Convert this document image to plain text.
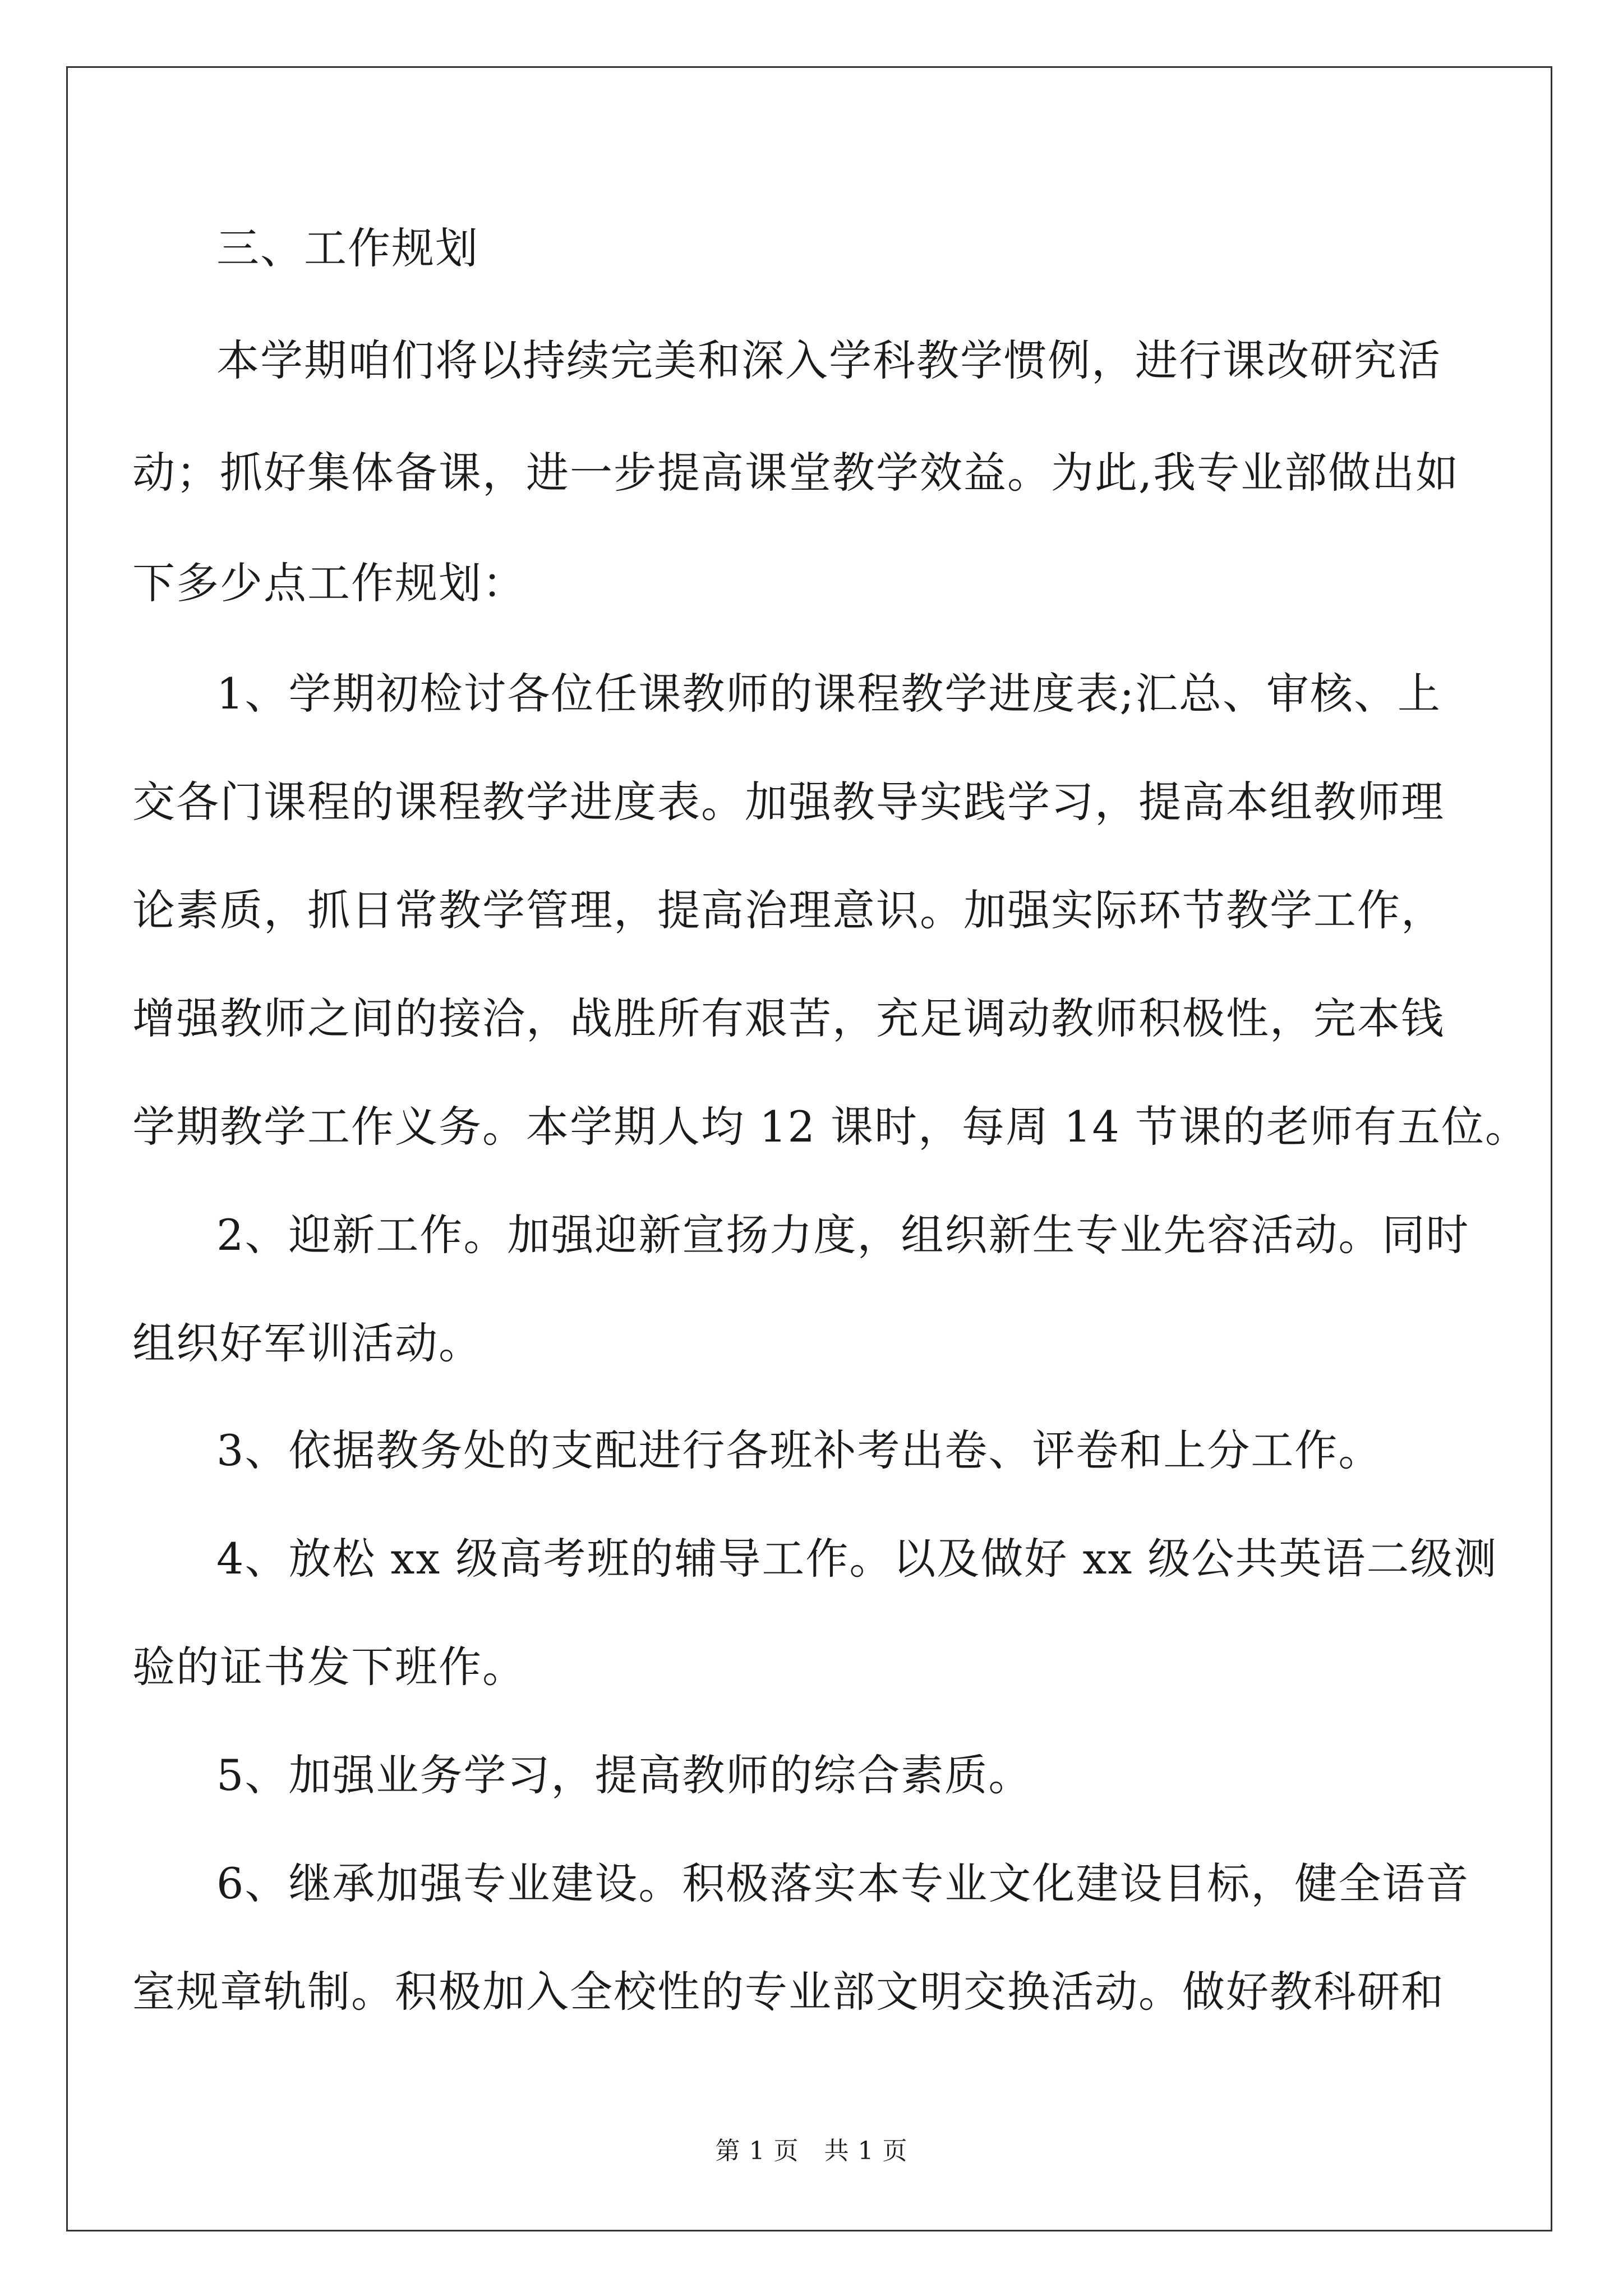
三、工作规划
本学期咱们将以持续完美和深入学科教学惯例，进行课改研究活
动；抓好集体备课，进一步提高课堂教学效益。为此,我专业部做出如
下多少点工作规划：
1、学期初检讨各位任课教师的课程教学进度表;汇总、审核、上
交各门课程的课程教学进度表。加强教导实践学习，提高本组教师理
论素质，抓日常教学管理，提高治理意识。加强实际环节教学工作，
增强教师之间的接洽，战胜所有艰苦，充足调动教师积极性，完本钱
学期教学工作义务。本学期人均 12 课时，每周 14 节课的老师有五位。
2、迎新工作。加强迎新宣扬力度，组织新生专业先容活动。同时
组织好军训活动。
3、依据教务处的支配进行各班补考出卷、评卷和上分工作。
4、放松 xx 级高考班的辅导工作。以及做好 xx 级公共英语二级测
验的证书发下班作。
5、加强业务学习，提高教师的综合素质。
6、继承加强专业建设。积极落实本专业文化建设目标，健全语音
室规章轨制。积极加入全校性的专业部文明交换活动。做好教科研和
第 1 页　共 1 页
